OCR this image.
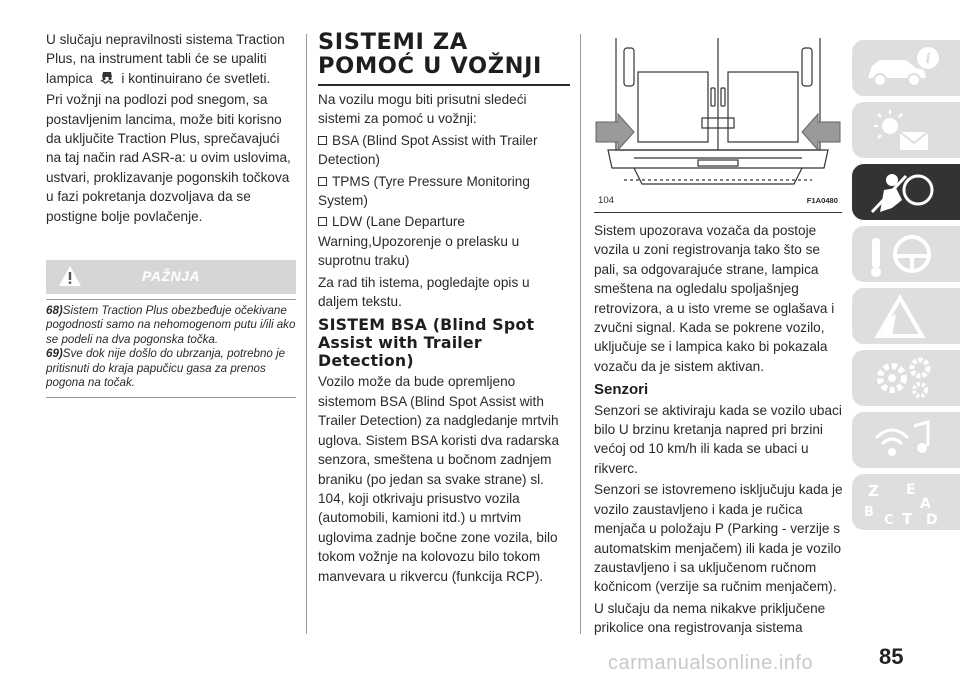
U slučaju nepravilnosti sistema Traction Plus, na instrument tabli će se upaliti lampica i kontinuirano će svetleti.

Pri vožnji na podlozi pod snegom, sa postavljenim lancima, može biti korisno da uključite Traction Plus, sprečavajući na taj način rad ASR-a: u ovim uslovima, ustvari, proklizavanje pogonskih točkova u fazi pokretanja dozvoljava da se postigne bolje povlačenje.

PAŽNJA

68)Sistem Traction Plus obezbeđuje očekivane pogodnosti samo na nehomogenom putu i/ili ako se podeli na dva pogonska točka.

69)Sve dok nije došlo do ubrzanja, potrebno je pritisnuti do kraja papučicu gasa za prenos pogona na točak.

SISTEMI ZA POMOĆ U VOŽNJI

Na vozilu mogu biti prisutni sledeći sistemi za pomoć u vožnji:

BSA (Blind Spot Assist with Trailer Detection)

TPMS (Tyre Pressure Monitoring System)

LDW (Lane Departure Warning,Upozorenje o prelasku u suprotnu traku)

Za rad tih istema, pogledajte opis u daljem tekstu.

SISTEM BSA (Blind Spot Assist with Trailer Detection)

Vozilo može da bude opremljeno sistemom BSA (Blind Spot Assist with Trailer Detection) za nadgledanje mrtvih uglova. Sistem BSA koristi dva radarska senzora, smeštena u bočnom zadnjem braniku (po jedan sa svake strane) sl. 104, koji otkrivaju prisustvo vozila (automobili, kamioni itd.) u mrtvim uglovima zadnje bočne zone vozila, bilo tokom vožnje na kolovozu bilo tokom manvevara u rikvercu (funkcija RCP).

104	F1A0480

Sistem upozorava vozača da postoje vozila u zoni registrovanja tako što se pali, sa odgovarajuće strane, lampica smeštena na ogledalu spoljašnjeg retrovizora, a u isto vreme se oglašava i zvučni signal. Kada se pokrene vozilo, uključuje se i lampica kako bi pokazala vozaču da je sistem aktivan.

Senzori

Senzori se aktiviraju kada se vozilo ubaci bilo U brzinu kretanja napred pri brzini većoj od 10 km/h ili kada se ubaci u rikverc.

Senzori se istovremeno isključuju kada je vozilo zaustavljeno i kada je ručica menjača u položaju P (Parking - verzije s automatskim menjačem) ili kada je vozilo zaustavljeno i sa uključenom ručnom kočnicom (verzije sa ručnim menjačem).

U slučaju da nema nikakve priključene prikolice ona registrovanja sistema

i
Z E
A
B
C T D
85
carmanualsonline.info
